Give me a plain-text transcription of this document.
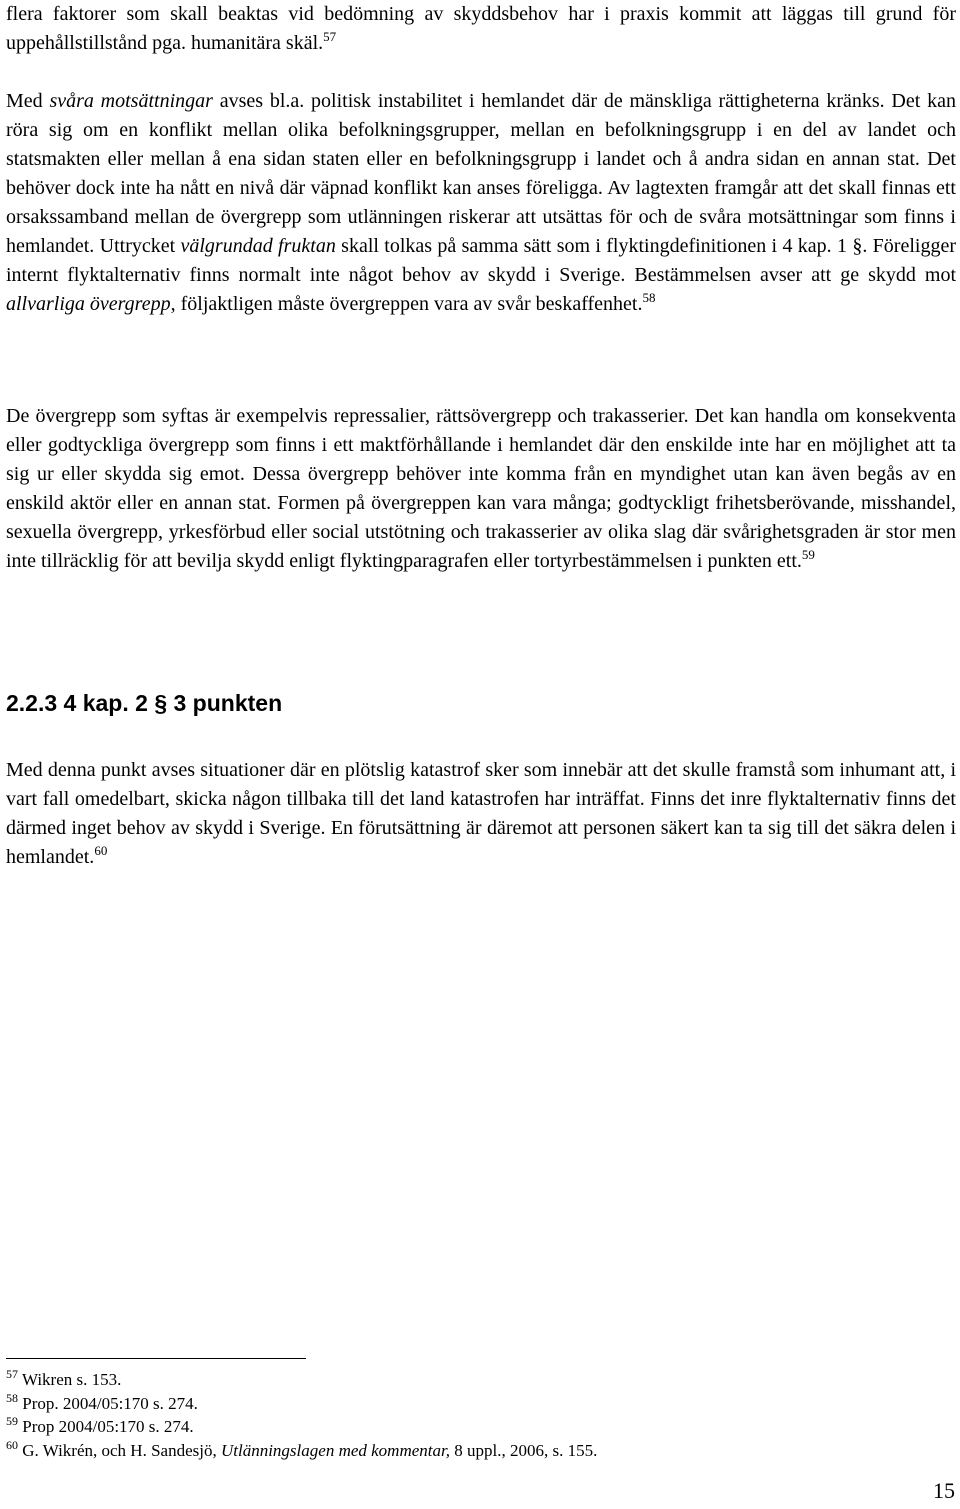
flera faktorer som skall beaktas vid bedömning av skyddsbehov har i praxis kommit att läggas till grund för uppehållstillstånd pga. humanitära skäl.$^{57}$

Med svåra motsättningar avses bl.a. politisk instabilitet i hemlandet där de mänskliga rättigheterna kränks. Det kan röra sig om en konflikt mellan olika befolkningsgrupper, mellan en befolkningsgrupp i en del av landet och statsmakten eller mellan å ena sidan staten eller en befolkningsgrupp i landet och å andra sidan en annan stat. Det behöver dock inte ha nått en nivå där väpnad konflikt kan anses föreligga. Av lagtexten framgår att det skall finnas ett orsakssamband mellan de övergrepp som utlänningen riskerar att utsättas för och de svåra motsättningar som finns i hemlandet. Uttrycket välgrundad fruktan skall tolkas på samma sätt som i flyktingdefinitionen i 4 kap. 1 §. Föreligger internt flyktalternativ finns normalt inte något behov av skydd i Sverige. Bestämmelsen avser att ge skydd mot allvarliga övergrepp, följaktligen måste övergreppen vara av svår beskaffenhet.$^{58}$

De övergrepp som syftas är exempelvis repressalier, rättsövergrepp och trakasserier. Det kan handla om konsekventa eller godtyckliga övergrepp som finns i ett maktförhållande i hemlandet där den enskilde inte har en möjlighet att ta sig ur eller skydda sig emot. Dessa övergrepp behöver inte komma från en myndighet utan kan även begås av en enskild aktör eller en annan stat. Formen på övergreppen kan vara många; godtyckligt frihetsberövande, misshandel, sexuella övergrepp, yrkesförbud eller social utstötning och trakasserier av olika slag där svårighetsgraden är stor men inte tillräcklig för att bevilja skydd enligt flyktingparagrafen eller tortyrbestämmelsen i punkten ett.$^{59}$

2.2.3 4 kap. 2 § 3 punkten

Med denna punkt avses situationer där en plötslig katastrof sker som innebär att det skulle framstå som inhumant att, i vart fall omedelbart, skicka någon tillbaka till det land katastrofen har inträffat. Finns det inre flyktalternativ finns det därmed inget behov av skydd i Sverige. En förutsättning är däremot att personen säkert kan ta sig till det säkra delen i hemlandet.$^{60}$

$^{57}$ Wikren s. 153.
$^{58}$ Prop. 2004/05:170 s. 274.
$^{59}$ Prop 2004/05:170 s. 274.
$^{60}$ G. Wikrén, och H. Sandesjö, Utlänningslagen med kommentar, 8 uppl., 2006, s. 155.
15
